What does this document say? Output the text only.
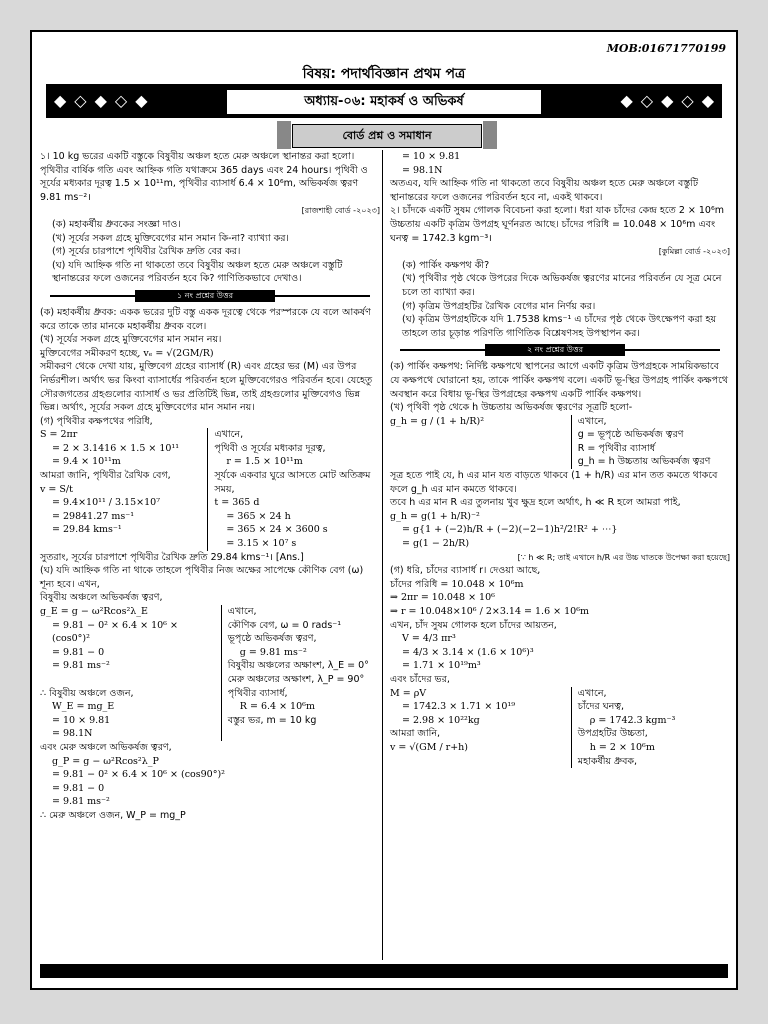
MOB:01671770199
বিষয়: পদার্থবিজ্ঞান প্রথম পত্র
◆◇◆◇◆	অধ্যায়-০৬: মহাকর্ষ ও অভিকর্ষ	◆◇◆◇◆
বোর্ড প্রশ্ন ও সমাধান

১। 10 kg ভরের একটি বস্তুকে বিষুবীয় অঞ্চল হতে মেরু অঞ্চলে স্থানান্তর করা হলো। পৃথিবীর বার্ষিক গতি এবং আহ্নিক গতি যথাক্রমে 365 days এবং 24 hours। পৃথিবী ও সূর্যের মধ্যকার দূরত্ব 1.5 × 10¹¹m, পৃথিবীর ব্যাসার্ধ 6.4 × 10⁶m, অভিকর্ষজ ত্বরণ 9.81 ms⁻²।

[রাজশাহী বোর্ড -২০২৩]

(ক) মহাকর্ষীয় ধ্রুবকের সংজ্ঞা দাও।

(খ) সূর্যের সকল গ্রহে মুক্তিবেগের মান সমান কি-না? ব্যাখ্যা কর।

(গ) সূর্যের চারপাশে পৃথিবীর রৈখিক দ্রুতি বের কর।

(ঘ) যদি আহ্নিক গতি না থাকতো তবে বিষুবীয় অঞ্চল হতে মেরু অঞ্চলে বস্তুটি স্থানান্তরের ফলে ওজনের পরিবর্তন হবে কি? গাণিতিকভাবে দেখাও।

১ নং প্রশ্নের উত্তর

(ক) মহাকর্ষীয় ধ্রুবক: একক ভরের দুটি বস্তু একক দূরত্বে থেকে পরস্পরকে যে বলে আকর্ষণ করে তাকে তার মানকে মহাকর্ষীয় ধ্রুবক বলে।

(খ) সূর্যের সকল গ্রহে মুক্তিবেগের মান সমান নয়।

মুক্তিবেগের সমীকরণ হচ্ছে, vₑ = √(2GM/R)

সমীকরণ থেকে দেখা যায়, মুক্তিবেগ গ্রহের ব্যাসার্ধ (R) এবং গ্রহের ভর (M) এর উপর নির্ভরশীল। অর্থাৎ ভর কিংবা ব্যাসার্ধের পরিবর্তন হলে মুক্তিবেগেরও পরিবর্তন হবে। যেহেতু সৌরজগতের গ্রহগুলোর ব্যাসার্ধ ও ভর প্রতিটিই ভিন্ন, তাই গ্রহগুলোর মুক্তিবেগও ভিন্ন ভিন্ন। অর্থাৎ, সূর্যের সকল গ্রহে মুক্তিবেগের মান সমান নয়।

(গ) পৃথিবীর কক্ষপথের পরিধি,

S = 2πr

= 2 × 3.1416 × 1.5 × 10¹¹

= 9.4 × 10¹¹m

আমরা জানি, পৃথিবীর রৈখিক বেগ,

v = S/t

= 9.4×10¹¹ / 3.15×10⁷

= 29841.27 ms⁻¹

= 29.84 kms⁻¹

এখানে,

পৃথিবী ও সূর্যের মধ্যকার দূরত্ব,

r = 1.5 × 10¹¹m

সূর্যকে একবার ঘুরে আসতে মোট অতিক্রম সময়,

t = 365 d

= 365 × 24 h

= 365 × 24 × 3600 s

= 3.15 × 10⁷ s

সুতরাং, সূর্যের চারপাশে পৃথিবীর রৈখিক দ্রুতি 29.84 kms⁻¹। [Ans.]

(ঘ) যদি আহ্নিক গতি না থাকে তাহলে পৃথিবীর নিজ অক্ষের সাপেক্ষে কৌণিক বেগ (ω) শূন্য হবে। এখন,

বিষুবীয় অঞ্চলে অভিকর্ষজ ত্বরণ,

g_E = g − ω²Rcos²λ_E

= 9.81 − 0² × 6.4 × 10⁶ × (cos0°)²

= 9.81 − 0

= 9.81 ms⁻²

এখানে,

কৌণিক বেগ, ω = 0 rads⁻¹

ভূপৃষ্ঠে অভিকর্ষজ ত্বরণ,

g = 9.81 ms⁻²

বিষুবীয় অঞ্চলের অক্ষাংশ, λ_E = 0°

মেরু অঞ্চলের অক্ষাংশ, λ_P = 90°

∴ বিষুবীয় অঞ্চলে ওজন,

W_E = mg_E

= 10 × 9.81

= 98.1N

পৃথিবীর ব্যাসার্ধ,

R = 6.4 × 10⁶m

বস্তুর ভর, m = 10 kg

এবং মেরু অঞ্চলে অভিকর্ষজ ত্বরণ,

g_P = g − ω²Rcos²λ_P

= 9.81 − 0² × 6.4 × 10⁶ × (cos90°)²

= 9.81 − 0

= 9.81 ms⁻²

∴ মেরু অঞ্চলে ওজন, W_P = mg_P

= 10 × 9.81

= 98.1N

অতএব, যদি আহ্নিক গতি না থাকতো তবে বিষুবীয় অঞ্চল হতে মেরু অঞ্চলে বস্তুটি স্থানান্তরের ফলে ওজনের পরিবর্তন হবে না, একই থাকবে।

২। চাঁদকে একটি সুষম গোলক বিবেচনা করা হলো। ধরা যাক চাঁদের কেন্দ্র হতে 2 × 10⁶m উচ্চতায় একটি কৃত্রিম উপগ্রহ ঘূর্ণনরত আছে। চাঁদের পরিধি = 10.048 × 10⁶m এবং ঘনত্ব = 1742.3 kgm⁻³।

[কুমিল্লা বোর্ড -২০২৩]

(ক) পার্কিং কক্ষপথ কী?

(খ) পৃথিবীর পৃষ্ঠ থেকে উপরের দিকে অভিকর্ষজ ত্বরণের মানের পরিবর্তন যে সূত্র মেনে চলে তা ব্যাখ্যা কর।

(গ) কৃত্রিম উপগ্রহটির রৈখিক বেগের মান নির্ণয় কর।

(ঘ) কৃত্রিম উপগ্রহটিকে যদি 1.7538 kms⁻¹ এ চাঁদের পৃষ্ঠ থেকে উৎক্ষেপণ করা হয় তাহলে তার চূড়ান্ত পরিণতি গাণিতিক বিশ্লেষণসহ উপস্থাপন কর।

২ নং প্রশ্নের উত্তর

(ক) পার্কিং কক্ষপথ: নির্দিষ্ট কক্ষপথে স্থাপনের আগে একটি কৃত্রিম উপগ্রহকে সাময়িকভাবে যে কক্ষপথে ঘোরানো হয়, তাকে পার্কিং কক্ষপথ বলে। একটি ভূ-স্থির উপগ্রহ পার্কিং কক্ষপথে অবস্থান করে বিধায় ভূ-স্থির উপগ্রহের কক্ষপথ একটি পার্কিং কক্ষপথ।

(খ) পৃথিবী পৃষ্ঠ থেকে h উচ্চতায় অভিকর্ষজ ত্বরণের সূত্রটি হলো-

g_h = g / (1 + h/R)²	এখানে,

g = ভূপৃষ্ঠে অভিকর্ষজ ত্বরণ

R = পৃথিবীর ব্যাসার্ধ

g_h = h উচ্চতায় অভিকর্ষজ ত্বরণ

সূত্র হতে পাই যে, h এর মান যত বাড়তে থাকবে (1 + h/R) এর মান তত কমতে থাকবে ফলে g_h এর মান কমতে থাকবে।

তবে h এর মান R এর তুলনায় খুব ক্ষুদ্র হলে অর্থাৎ, h ≪ R হলে আমরা পাই,

g_h = g(1 + h/R)⁻²

= g{1 + (−2)h/R + (−2)(−2−1)h²/2!R² + ⋯}

= g(1 − 2h/R)

[∵ h ≪ R; তাই এখানে h/R এর উচ্চ ঘাতকে উপেক্ষা করা হয়েছে]

(গ) ধরি, চাঁদের ব্যাসার্ধ r। দেওয়া আছে,

চাঁদের পরিধি = 10.048 × 10⁶m

⇒ 2πr = 10.048 × 10⁶

⇒ r = 10.048×10⁶ / 2×3.14 = 1.6 × 10⁶m

এখন, চাঁদ সুষম গোলক হলে চাঁদের আয়তন,

V = 4/3 πr³

= 4/3 × 3.14 × (1.6 × 10⁶)³

= 1.71 × 10¹⁹m³

এবং চাঁদের ভর,

M = ρV

= 1742.3 × 1.71 × 10¹⁹

= 2.98 × 10²²kg

আমরা জানি,

v = √(GM / r+h)

এখানে,

চাঁদের ঘনত্ব,

ρ = 1742.3 kgm⁻³

উপগ্রহটির উচ্চতা,

h = 2 × 10⁶m

মহাকর্ষীয় ধ্রুবক,
